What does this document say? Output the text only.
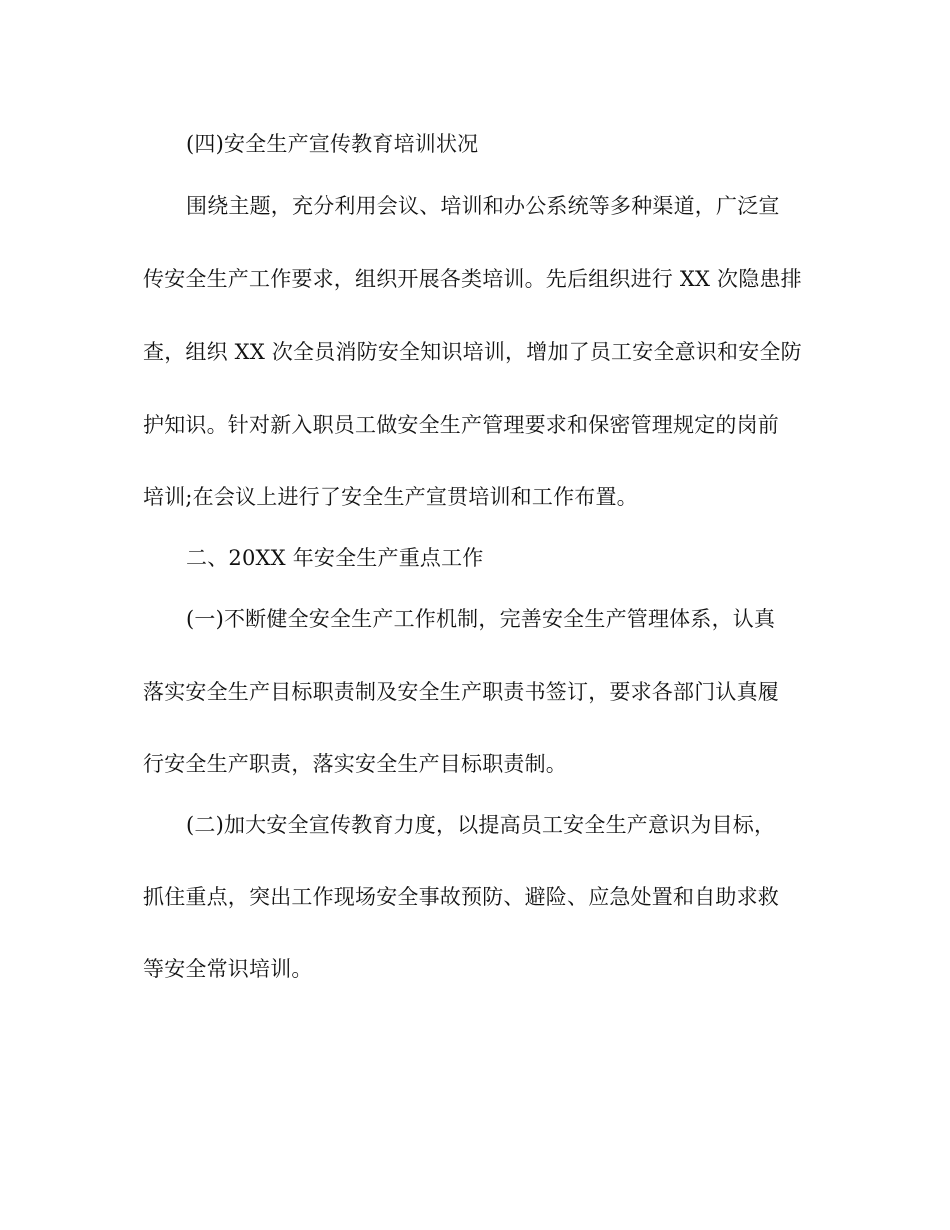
(四)安全生产宣传教育培训状况
围绕主题，充分利用会议、培训和办公系统等多种渠道，广泛宣
传安全生产工作要求，组织开展各类培训。先后组织进行 XX 次隐患排
查，组织 XX 次全员消防安全知识培训，增加了员工安全意识和安全防
护知识。针对新入职员工做安全生产管理要求和保密管理规定的岗前
培训;在会议上进行了安全生产宣贯培训和工作布置。
二、20XX 年安全生产重点工作
(一)不断健全安全生产工作机制，完善安全生产管理体系，认真
落实安全生产目标职责制及安全生产职责书签订，要求各部门认真履
行安全生产职责，落实安全生产目标职责制。
(二)加大安全宣传教育力度，以提高员工安全生产意识为目标，
抓住重点，突出工作现场安全事故预防、避险、应急处置和自助求救
等安全常识培训。
